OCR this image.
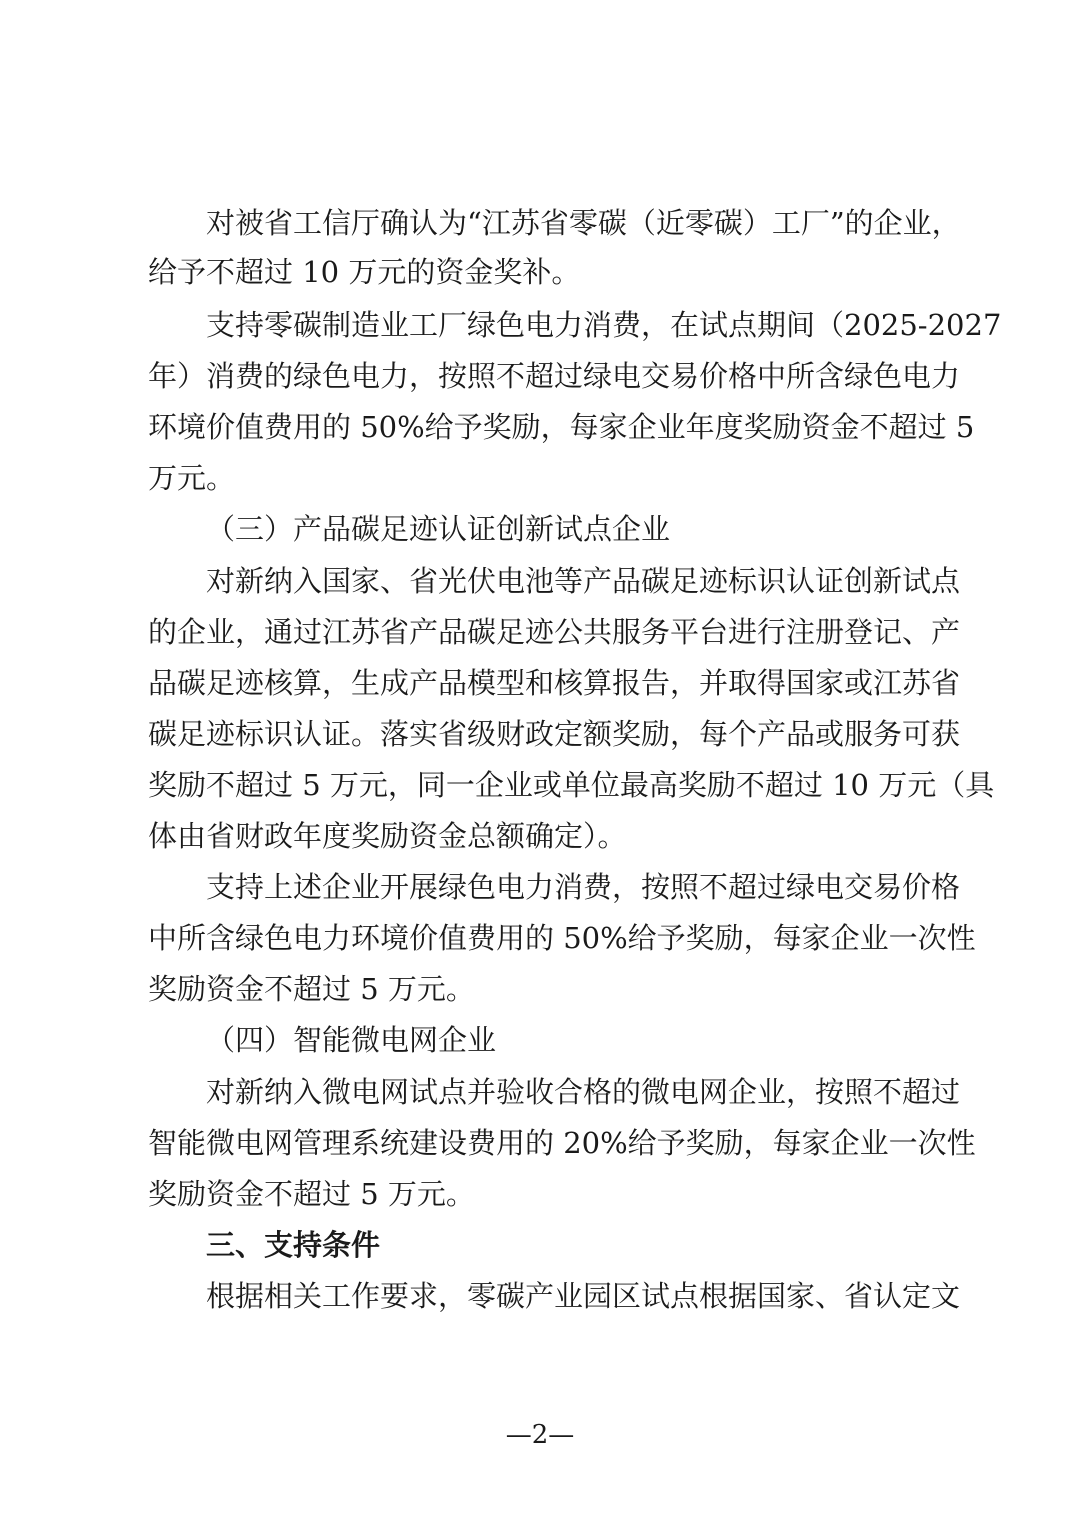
对被省工信厅确认为“江苏省零碳（近零碳）工厂”的企业，
给予不超过 10 万元的资金奖补。
支持零碳制造业工厂绿色电力消费，在试点期间（2025-2027
年）消费的绿色电力，按照不超过绿电交易价格中所含绿色电力
环境价值费用的 50%给予奖励，每家企业年度奖励资金不超过 5
万元。
（三）产品碳足迹认证创新试点企业
对新纳入国家、省光伏电池等产品碳足迹标识认证创新试点
的企业，通过江苏省产品碳足迹公共服务平台进行注册登记、产
品碳足迹核算，生成产品模型和核算报告，并取得国家或江苏省
碳足迹标识认证。落实省级财政定额奖励，每个产品或服务可获
奖励不超过 5 万元，同一企业或单位最高奖励不超过 10 万元（具
体由省财政年度奖励资金总额确定）。
支持上述企业开展绿色电力消费，按照不超过绿电交易价格
中所含绿色电力环境价值费用的 50%给予奖励，每家企业一次性
奖励资金不超过 5 万元。
（四）智能微电网企业
对新纳入微电网试点并验收合格的微电网企业，按照不超过
智能微电网管理系统建设费用的 20%给予奖励，每家企业一次性
奖励资金不超过 5 万元。
三、支持条件
根据相关工作要求，零碳产业园区试点根据国家、省认定文
—2—
